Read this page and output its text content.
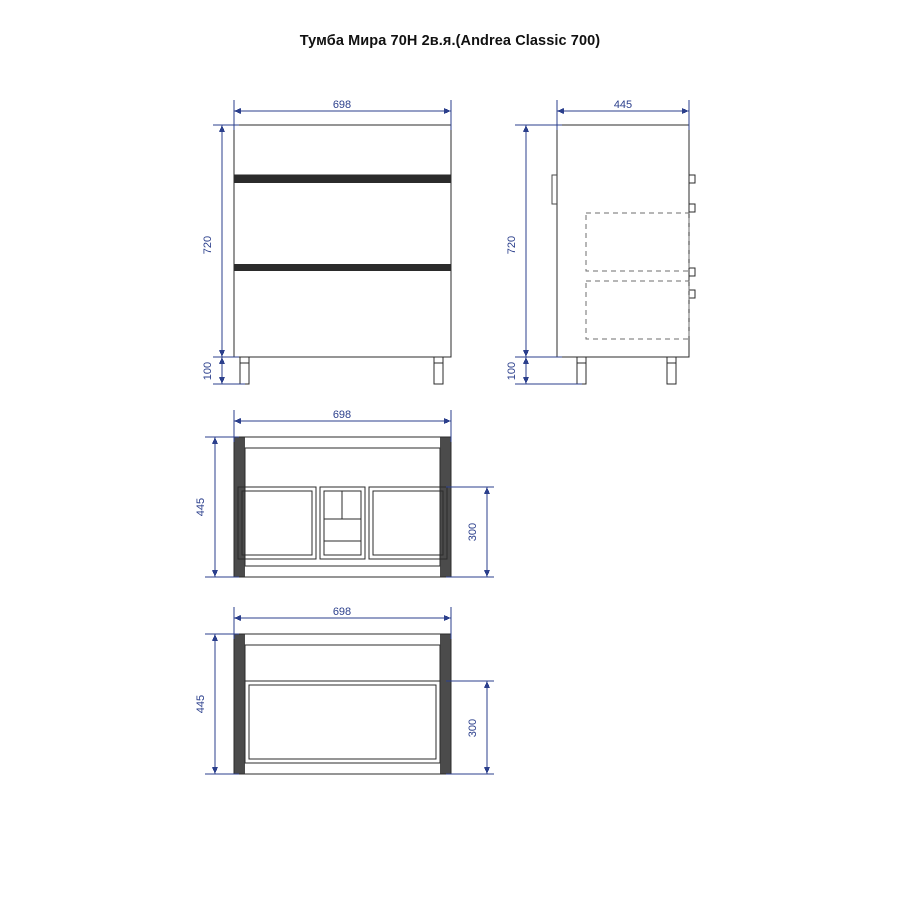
Тумба Мира 70Н 2в.я.(Andrea Classic 700)
698
720
100
445
720
100
698
445
300
698
445
300
